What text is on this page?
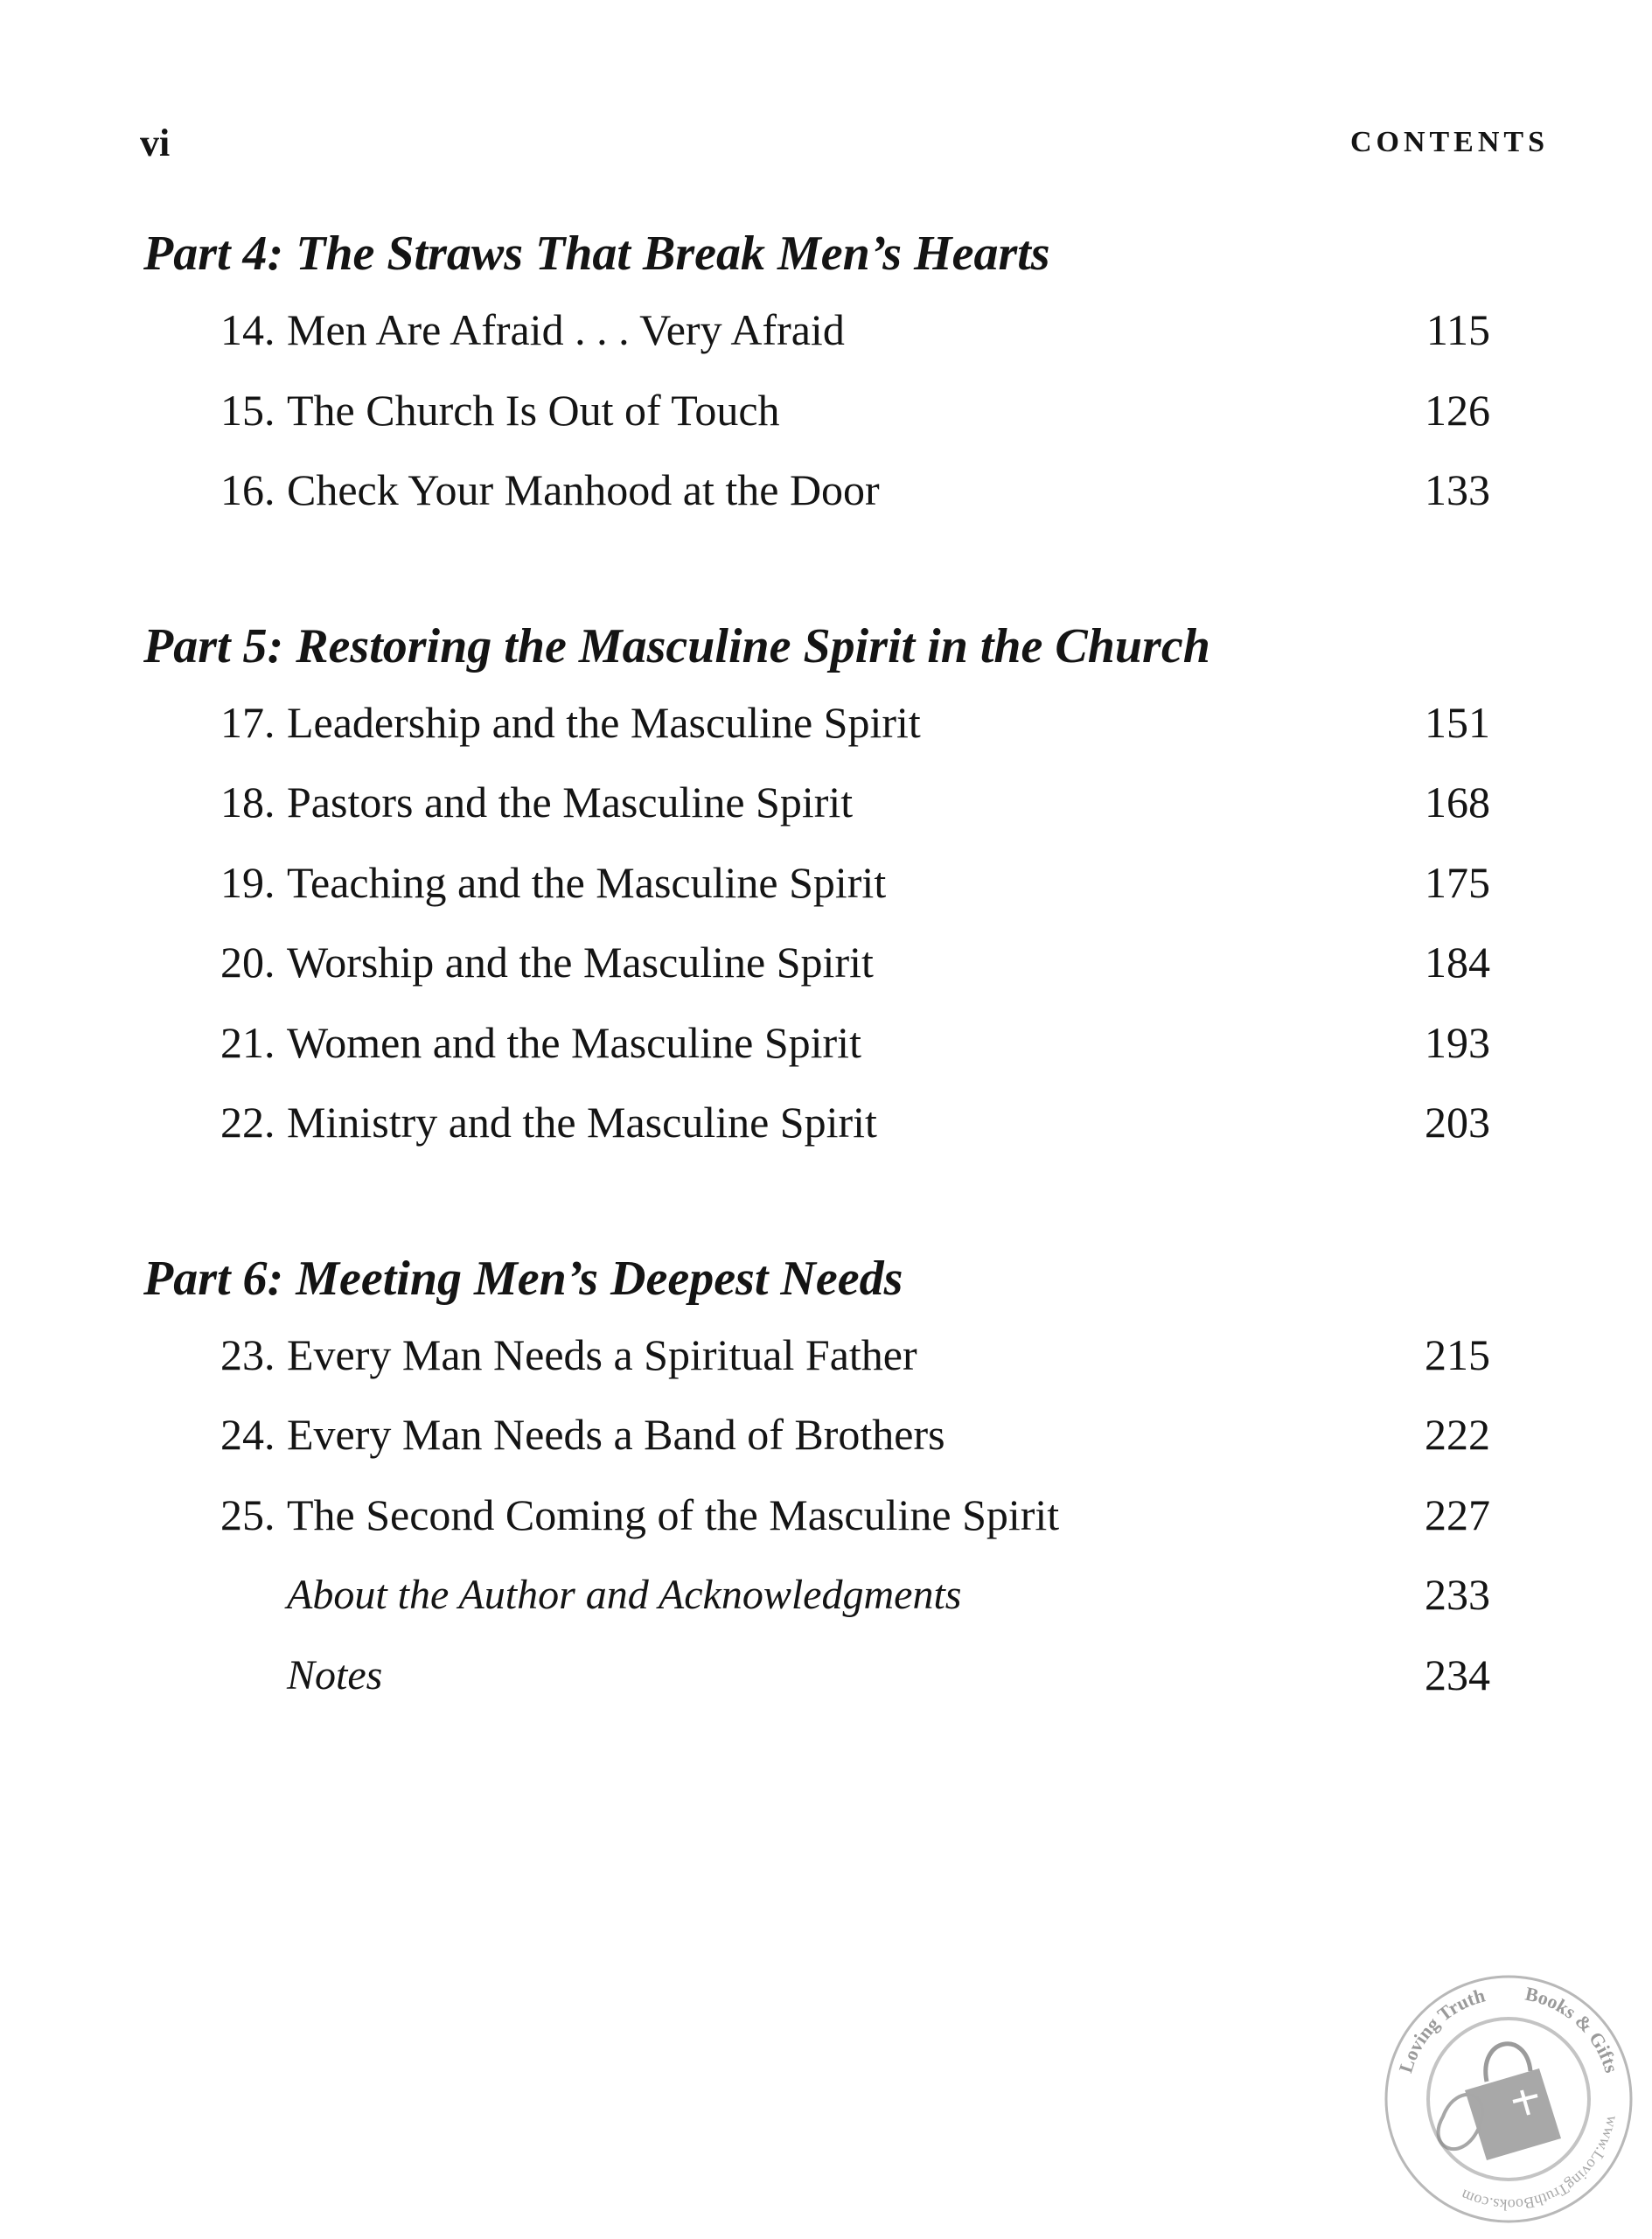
vi	CONTENTS
Part 4: The Straws That Break Men’s Hearts
14. Men Are Afraid . . . Very Afraid	115
15. The Church Is Out of Touch	126
16. Check Your Manhood at the Door	133
Part 5: Restoring the Masculine Spirit in the Church
17. Leadership and the Masculine Spirit	151
18. Pastors and the Masculine Spirit	168
19. Teaching and the Masculine Spirit	175
20. Worship and the Masculine Spirit	184
21. Women and the Masculine Spirit	193
22. Ministry and the Masculine Spirit	203
Part 6: Meeting Men’s Deepest Needs
23. Every Man Needs a Spiritual Father	215
24. Every Man Needs a Band of Brothers	222
25. The Second Coming of the Masculine Spirit	227
About the Author and Acknowledgments	233
Notes	234
Loving Truth Books & Gifts
www.LovingTruthBooks.com
